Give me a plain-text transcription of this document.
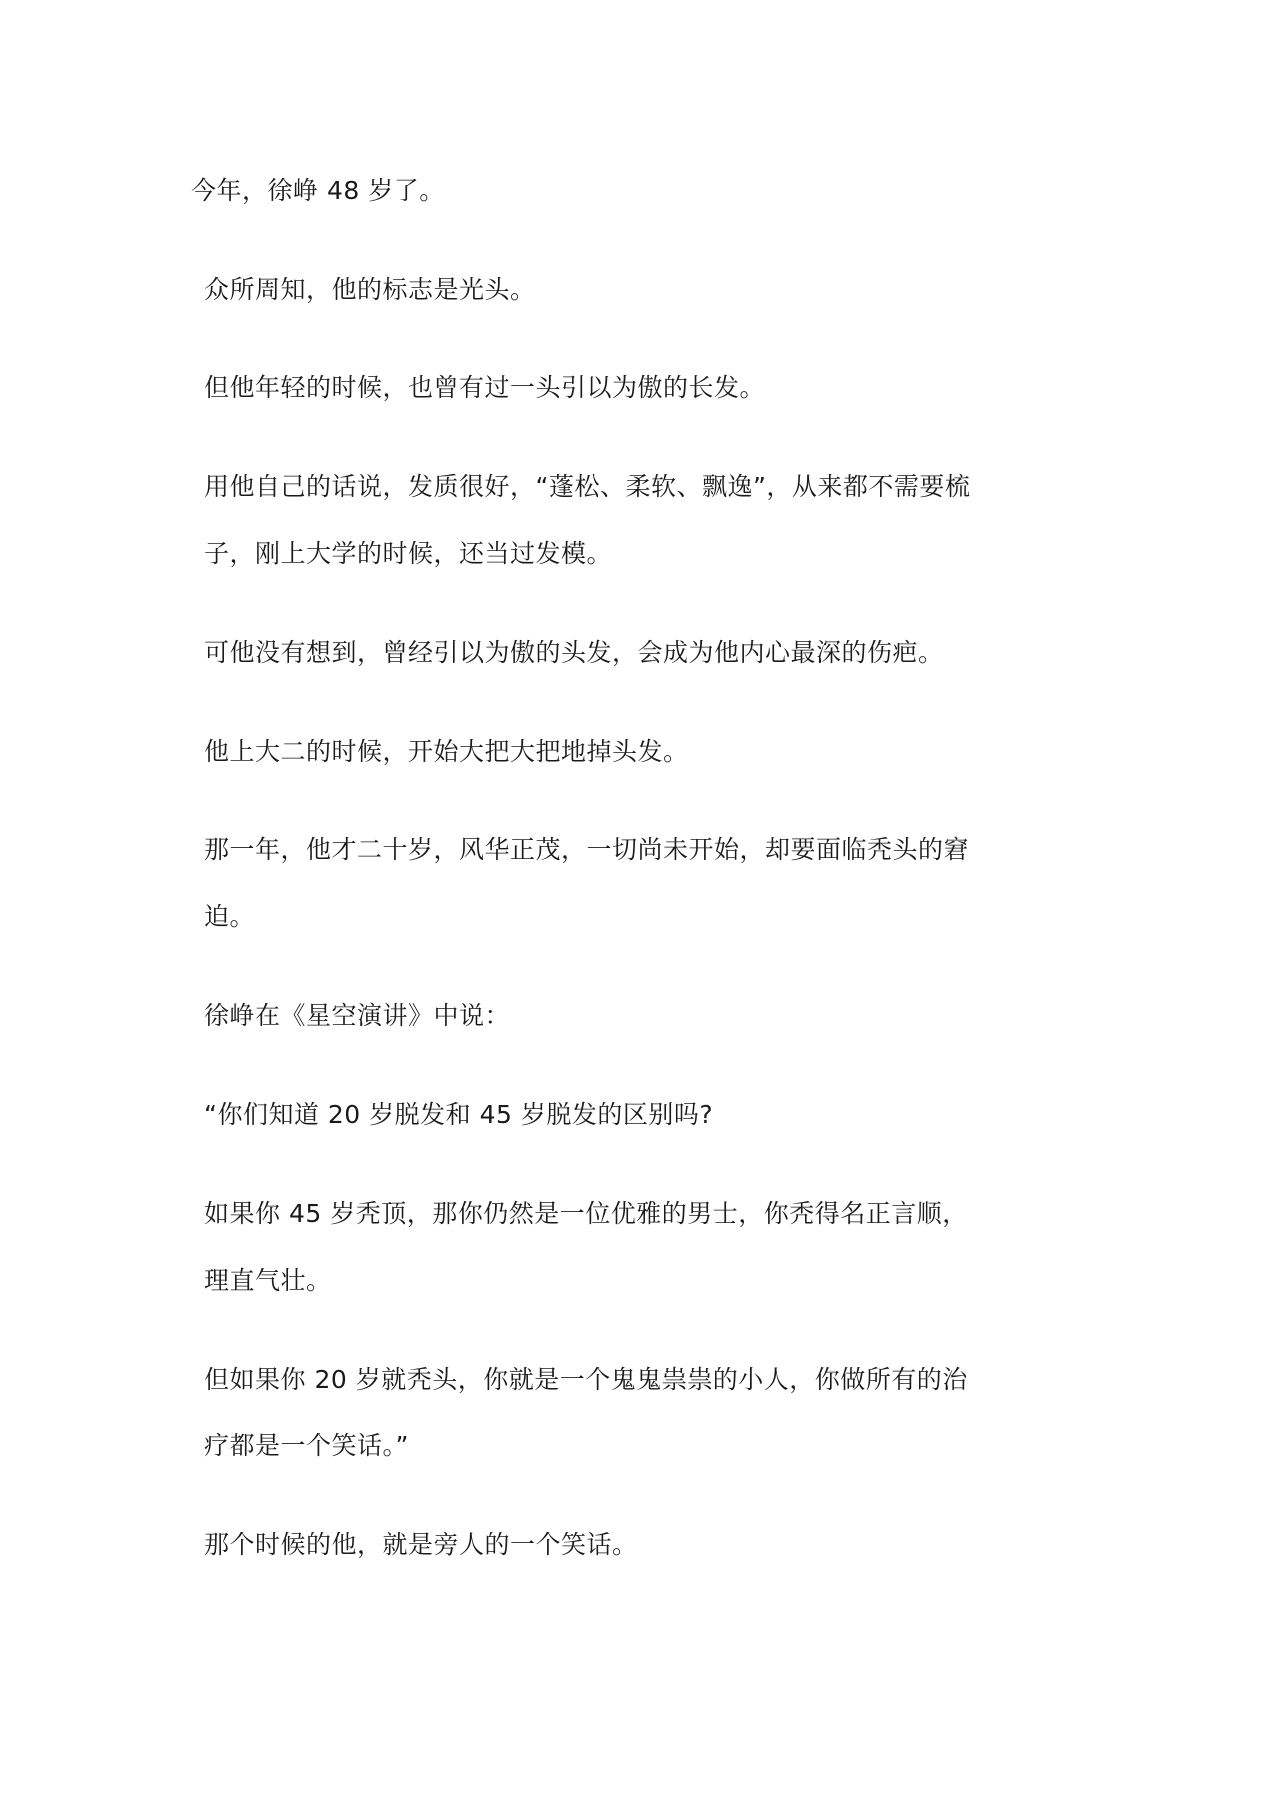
今年，徐峥 48 岁了。

众所周知，他的标志是光头。

但他年轻的时候，也曾有过一头引以为傲的长发。

用他自己的话说，发质很好，“蓬松、柔软、飘逸”，从来都不需要梳

子，刚上大学的时候，还当过发模。

可他没有想到，曾经引以为傲的头发，会成为他内心最深的伤疤。

他上大二的时候，开始大把大把地掉头发。

那一年，他才二十岁，风华正茂，一切尚未开始，却要面临秃头的窘

迫。

徐峥在《星空演讲》中说：

“你们知道 20 岁脱发和 45 岁脱发的区别吗?

如果你 45 岁秃顶，那你仍然是一位优雅的男士，你秃得名正言顺，

理直气壮。

但如果你 20 岁就秃头，你就是一个鬼鬼祟祟的小人，你做所有的治

疗都是一个笑话。”

那个时候的他，就是旁人的一个笑话。
